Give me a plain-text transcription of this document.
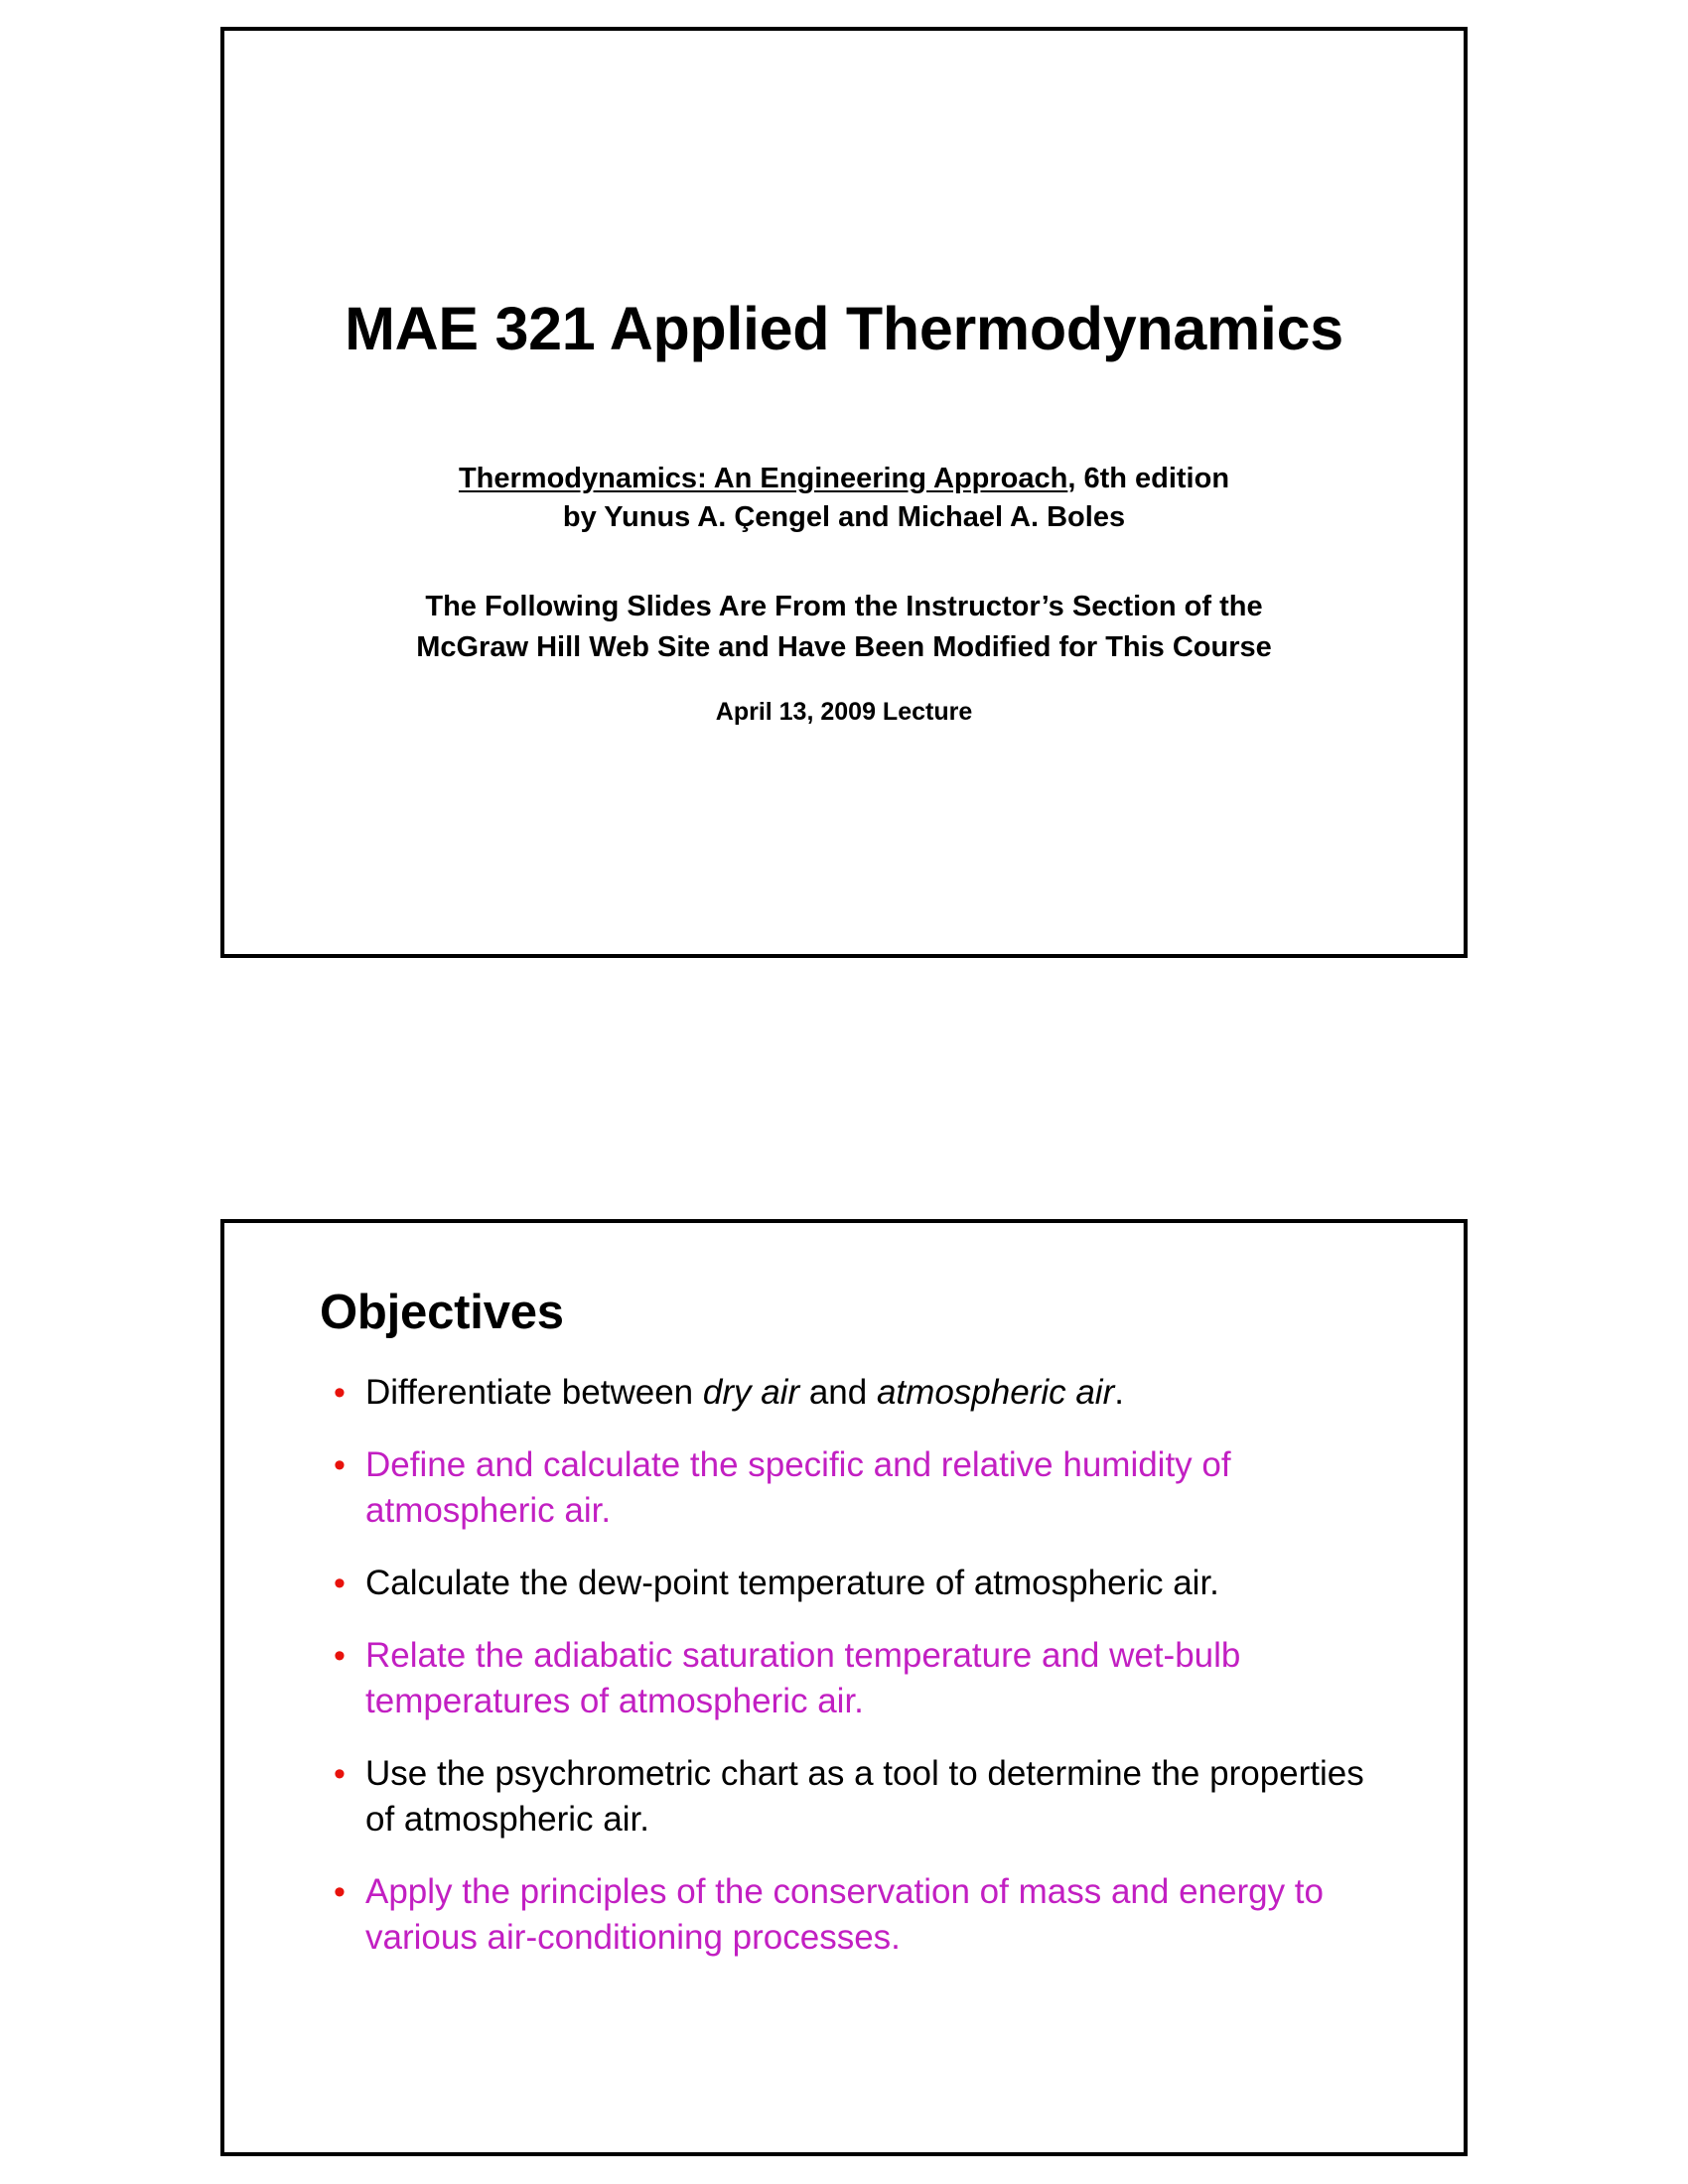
MAE 321 Applied Thermodynamics
Thermodynamics: An Engineering Approach, 6th edition
by Yunus A. Çengel and Michael A. Boles
The Following Slides Are From the Instructor’s Section of the
McGraw Hill Web Site and Have Been Modified for This Course
April 13, 2009 Lecture
Objectives
• Differentiate between dry air and atmospheric air.
• Define and calculate the specific and relative humidity of atmospheric air.
• Calculate the dew-point temperature of atmospheric air.
• Relate the adiabatic saturation temperature and wet-bulb temperatures of atmospheric air.
• Use the psychrometric chart as a tool to determine the properties of atmospheric air.
• Apply the principles of the conservation of mass and energy to various air-conditioning processes.
